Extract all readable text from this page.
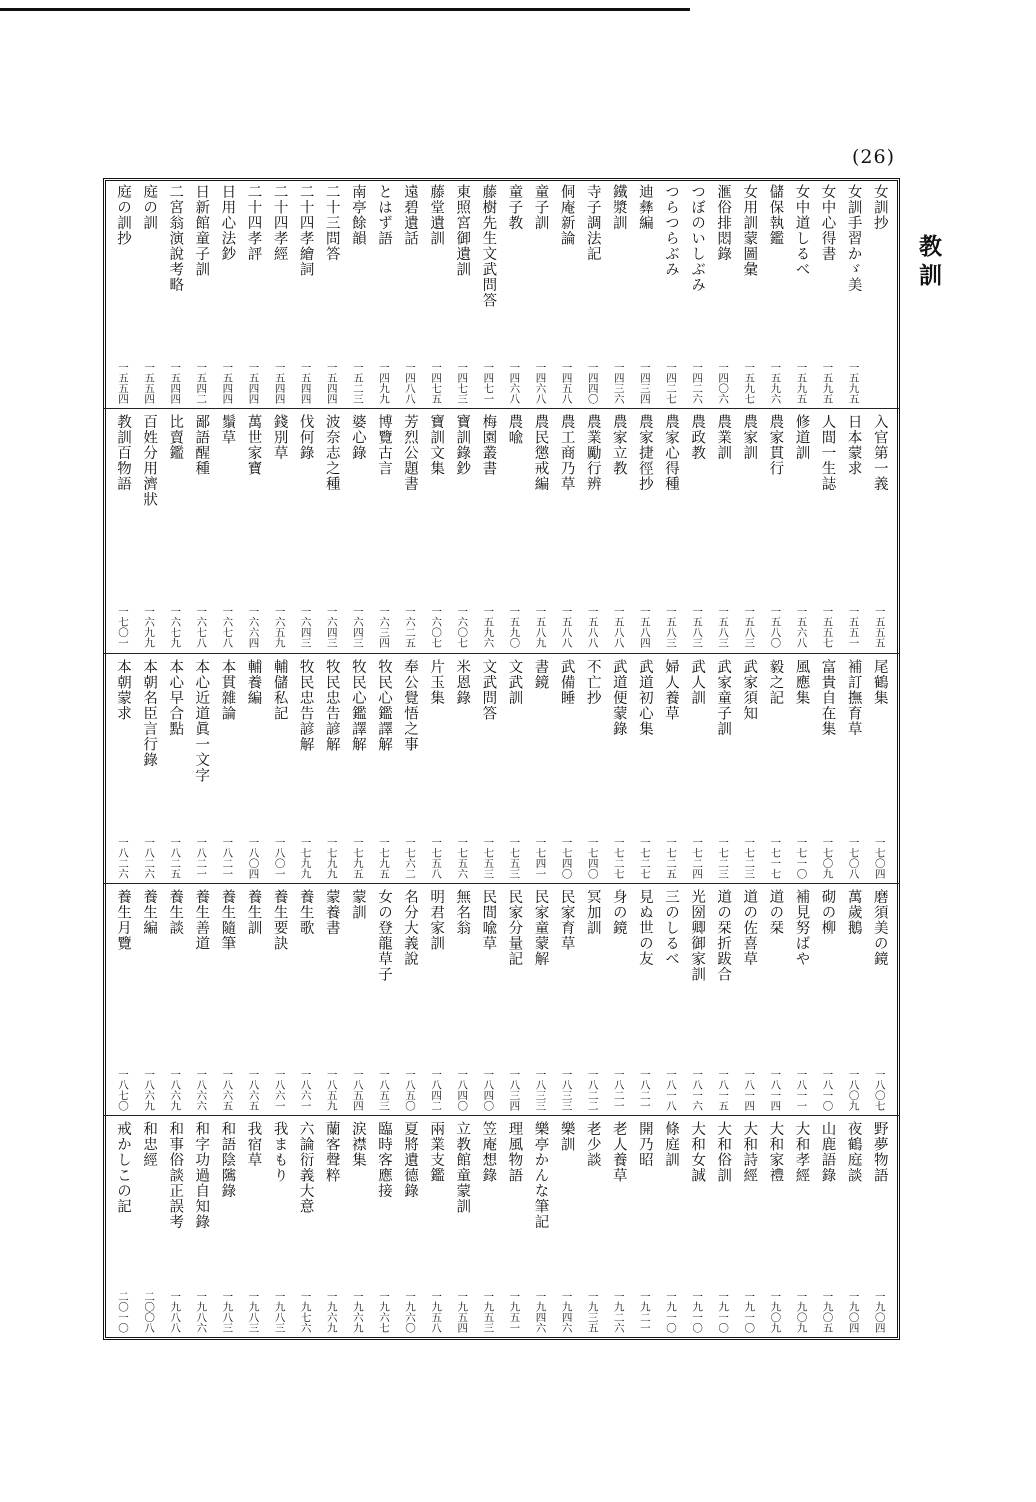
(26)
教訓
女訓抄
女訓手習かゞ美
一五九五
女中心得書
一五九五
女中道しるべ
一五九五
儲保執鑑
一五九六
女用訓蒙圖彙
一五九七
滙俗排悶錄
一四〇六
つぼのいしぶみ
一四二六
つらつらぶみ
一四二七
迪彝編
一四三四
鐵漿訓
一四三六
寺子調法記
一四四〇
侗庵新論
一四五八
童子訓
一四六八
童子教
一四六八
藤樹先生文武問答
一四七一
東照宮御遺訓
一四七三
藤堂遺訓
一四七五
遠碧遺話
一四八八
とはず語
一四九九
南亭餘韻
一五二三
二十三問答
一五四四
二十四孝繪詞
一五四四
二十四孝經
一五四四
二十四孝評
一五四四
日用心法鈔
一五四四
日新館童子訓
一五四二
二宮翁演說考略
一五四四
庭の訓
一五五四
庭の訓抄
一五五四
入官第一義
一五五五
日本蒙求
一五五一
人間一生誌
一五五七
修道訓
一五六八
農家貫行
一五八〇
農家訓
一五八三
農業訓
一五八三
農政教
一五八三
農家心得種
一五八三
農家捷徑抄
一五八四
農家立教
一五八八
農業勵行辨
一五八八
農工商乃草
一五八八
農民懲戒編
一五八九
農喩
一五九〇
梅園叢書
一五九六
寶訓錄鈔
一六〇七
寶訓文集
一六〇七
芳烈公題書
一六二五
博覽古言
一六三四
婆心錄
一六四三
波奈志之種
一六四三
伐何錄
一六四三
錢別草
一六五九
萬世家寶
一六六四
鬚草
一六七八
鄙語醒種
一六七八
比賣鑑
一六七九
百姓分用濟狀
一六九九
教訓百物語
一七〇一
尾鶴集
一七〇四
補訂撫育草
一七〇八
富貴自在集
一七〇九
風應集
一七一〇
毅之記
一七一七
武家須知
一七二三
武家童子訓
一七二三
武人訓
一七二四
婦人養草
一七二五
武道初心集
一七二七
武道便蒙錄
一七二七
不亡抄
一七四〇
武備睡
一七四〇
書鏡
一七四一
文武訓
一七五三
文武問答
一七五三
米恩錄
一七五六
片玉集
一七五八
奉公覺悟之事
一七六二
牧民心鑑譯解
一七九五
牧民心鑑譯解
一七九五
牧民忠告諺解
一七九九
牧民忠告諺解
一七九九
輔儲私記
一八〇一
輔養編
一八〇四
本貫雜論
一八二一
本心近道眞一文字
一八二一
本心早合點
一八二五
本朝名臣言行錄
一八二六
本朝蒙求
一八二六
磨須美の鏡
一八〇七
萬歲鵝
一八〇九
砌の柳
一八一〇
補見努ばや
一八一一
道の栞
一八一四
道の佐喜草
一八一四
道の栞折跋合
一八一五
光圀卿御家訓
一八一六
三のしるべ
一八一八
見ぬ世の友
一八二一
身の鏡
一八二一
冥加訓
一八二二
民家育草
一八三三
民家童蒙解
一八三三
民家分量記
一八三四
民間喩草
一八四〇
無名翁
一八四〇
明君家訓
一八四二
名分大義說
一八五〇
女の登龍草子
一八五三
蒙訓
一八五四
蒙養書
一八五九
養生歌
一八六一
養生要訣
一八六一
養生訓
一八六五
養生隨筆
一八六五
養生善道
一八六六
養生談
一八六九
養生編
一八六九
養生月覽
一八七〇
野夢物語
一九〇四
夜鶴庭談
一九〇四
山鹿語錄
一九〇五
大和孝經
一九〇九
大和家禮
一九〇九
大和詩經
一九一〇
大和俗訓
一九一〇
大和女誠
一九一〇
條庭訓
一九一〇
開乃昭
一九二一
老人養草
一九二六
老少談
一九三五
樂訓
一九四六
樂亭かんな筆記
一九四六
理風物語
一九五一
笠庵想錄
一九五三
立教館童蒙訓
一九五四
兩業支鑑
一九五八
夏將遺德錄
一九六〇
臨時客應接
一九六七
涙襟集
一九六九
蘭客聲粹
一九六九
六論衍義大意
一九七六
我まもり
一九八三
我宿草
一九八三
和語陰隲錄
一九八三
和字功過自知錄
一九八六
和事俗談正誤考
一九八八
和忠經
二〇〇八
戒かしこの記
二〇一〇
